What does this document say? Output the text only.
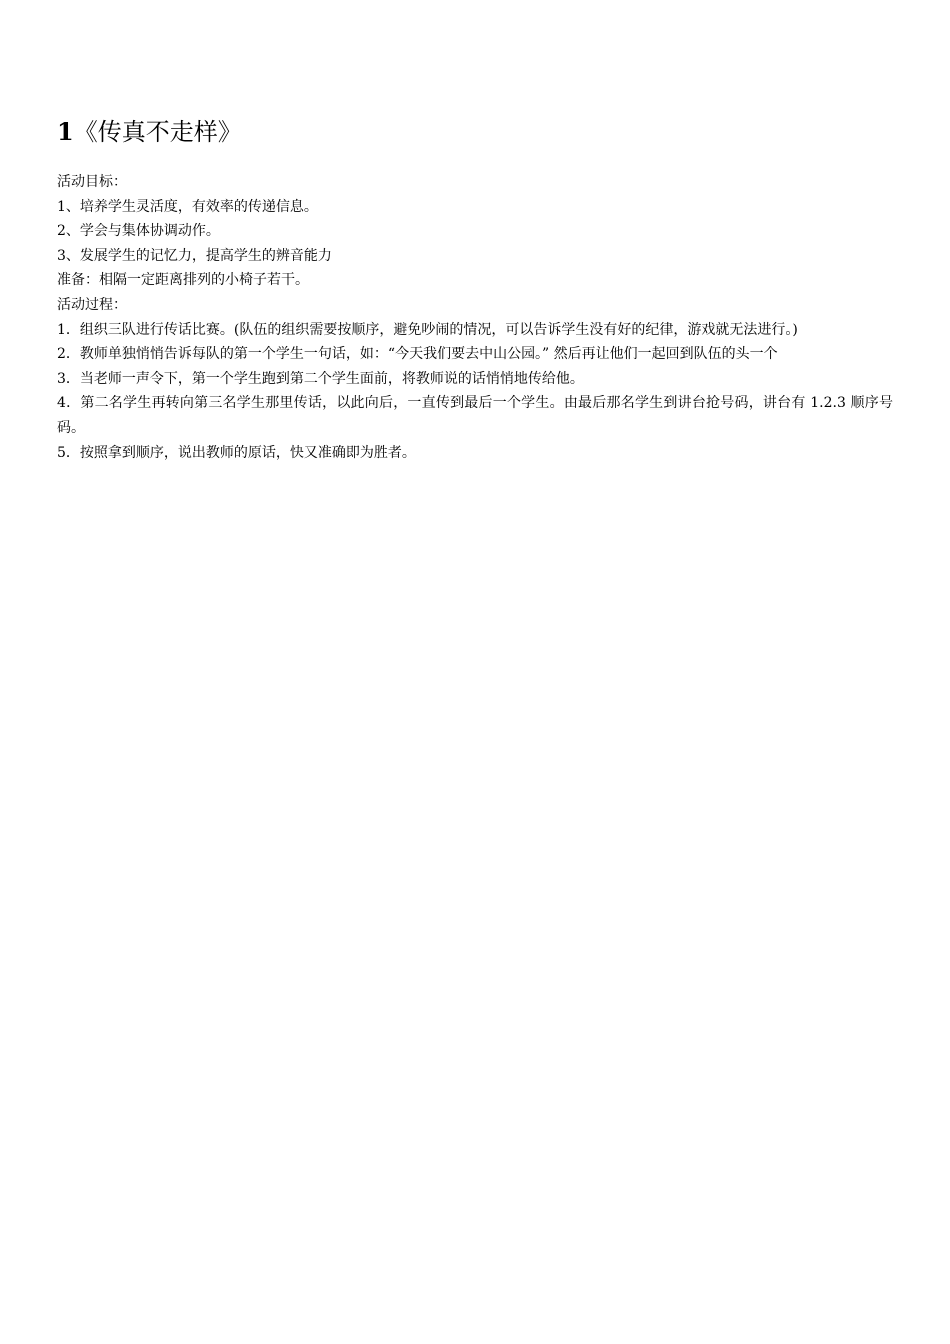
1《传真不走样》

活动目标：

1、培养学生灵活度，有效率的传递信息。

2、学会与集体协调动作。

3、发展学生的记忆力，提高学生的辨音能力

准备：相隔一定距离排列的小椅子若干。

活动过程：

1．组织三队进行传话比赛。(队伍的组织需要按顺序，避免吵闹的情况，可以告诉学生没有好的纪律，游戏就无法进行。)

2．教师单独悄悄告诉每队的第一个学生一句话，如：“今天我们要去中山公园。” 然后再让他们一起回到队伍的头一个

3．当老师一声令下，第一个学生跑到第二个学生面前，将教师说的话悄悄地传给他。

4．第二名学生再转向第三名学生那里传话，以此向后，一直传到最后一个学生。由最后那名学生到讲台抢号码，讲台有 1.2.3 顺序号码。

5．按照拿到顺序，说出教师的原话，快又准确即为胜者。
